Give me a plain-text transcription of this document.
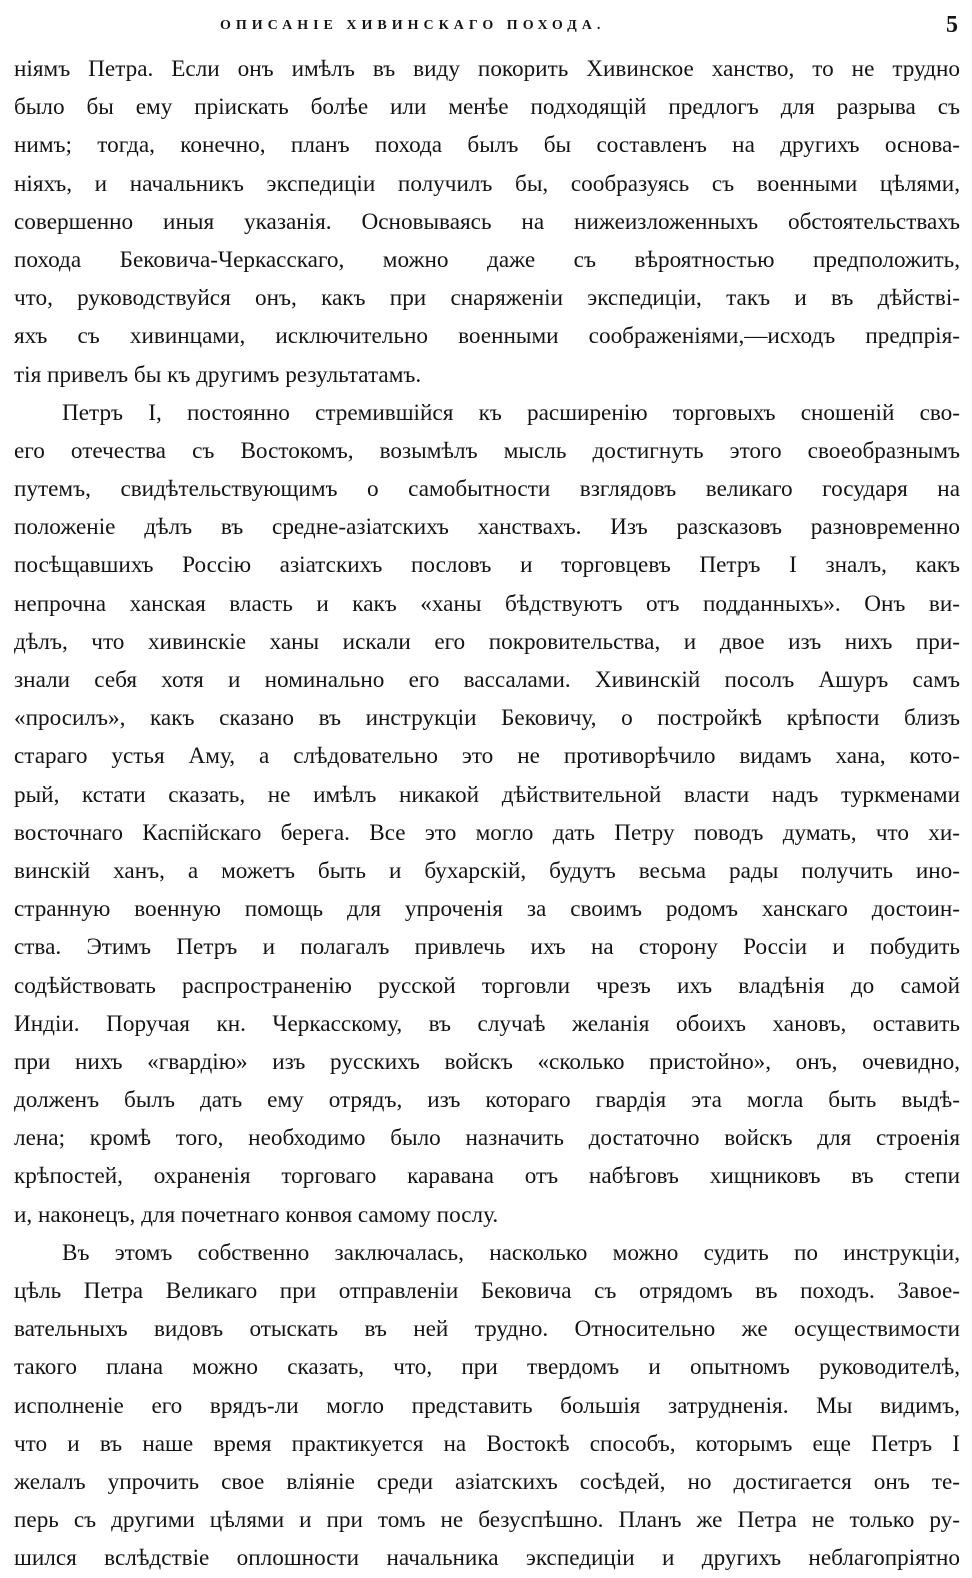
ОПИСАНІЕ ХИВИНСКАГО ПОХОДА.	5
ніямъ Петра. Если онъ имѣлъ въ виду покорить Хивинское ханство, то не трудно
было бы ему пріискать болѣе или менѣе подходящій предлогъ для разрыва съ
нимъ; тогда, конечно, планъ похода былъ бы составленъ на другихъ основа-
ніяхъ, и начальникъ экспедиціи получилъ бы, сообразуясь съ военными цѣлями,
совершенно иныя указанія. Основываясь на нижеизложенныхъ обстоятельствахъ
похода Бековича-Черкасскаго, можно даже съ вѣроятностью предположить,
что, руководствуйся онъ, какъ при снаряженіи экспедиціи, такъ и въ дѣйстві-
яхъ съ хивинцами, исключительно военными соображеніями,—исходъ предпрія-
тія привелъ бы къ другимъ результатамъ.
Петръ I, постоянно стремившійся къ расширенію торговыхъ сношеній сво-
его отечества съ Востокомъ, возымѣлъ мысль достигнуть этого своеобразнымъ
путемъ, свидѣтельствующимъ о самобытности взглядовъ великаго государя на
положеніе дѣлъ въ средне-азіатскихъ ханствахъ. Изъ разсказовъ разновременно
посѣщавшихъ Россію азіатскихъ пословъ и торговцевъ Петръ I зналъ, какъ
непрочна ханская власть и какъ «ханы бѣдствуютъ отъ подданныхъ». Онъ ви-
дѣлъ, что хивинскіе ханы искали его покровительства, и двое изъ нихъ при-
знали себя хотя и номинально его вассалами. Хивинскій посолъ Ашуръ самъ
«просилъ», какъ сказано въ инструкціи Бековичу, о постройкѣ крѣпости близъ
стараго устья Аму, а слѣдовательно это не противорѣчило видамъ хана, кото-
рый, кстати сказать, не имѣлъ никакой дѣйствительной власти надъ туркменами
восточнаго Каспійскаго берега. Все это могло дать Петру поводъ думать, что хи-
винскій ханъ, а можетъ быть и бухарскій, будутъ весьма рады получить ино-
странную военную помощь для упроченія за своимъ родомъ ханскаго достоин-
ства. Этимъ Петръ и полагалъ привлечь ихъ на сторону Россіи и побудить
содѣйствовать распространенію русской торговли чрезъ ихъ владѣнія до самой
Индіи. Поручая кн. Черкасскому, въ случаѣ желанія обоихъ хановъ, оставить
при нихъ «гвардію» изъ русскихъ войскъ «сколько пристойно», онъ, очевидно,
долженъ былъ дать ему отрядъ, изъ котораго гвардія эта могла быть выдѣ-
лена; кромѣ того, необходимо было назначить достаточно войскъ для строенія
крѣпостей, охраненія торговаго каравана отъ набѣговъ хищниковъ въ степи
и, наконецъ, для почетнаго конвоя самому послу.
Въ этомъ собственно заключалась, насколько можно судить по инструкціи,
цѣль Петра Великаго при отправленіи Бековича съ отрядомъ въ походъ. Завое-
вательныхъ видовъ отыскать въ ней трудно. Относительно же осуществимости
такого плана можно сказать, что, при твердомъ и опытномъ руководителѣ,
исполненіе его врядъ-ли могло представить большія затрудненія. Мы видимъ,
что и въ наше время практикуется на Востокѣ способъ, которымъ еще Петръ I
желалъ упрочить свое вліяніе среди азіатскихъ сосѣдей, но достигается онъ те-
перь съ другими цѣлями и при томъ не безуспѣшно. Планъ же Петра не только ру-
шился вслѣдствіе оплошности начальника экспедиціи и другихъ неблагопріятно
